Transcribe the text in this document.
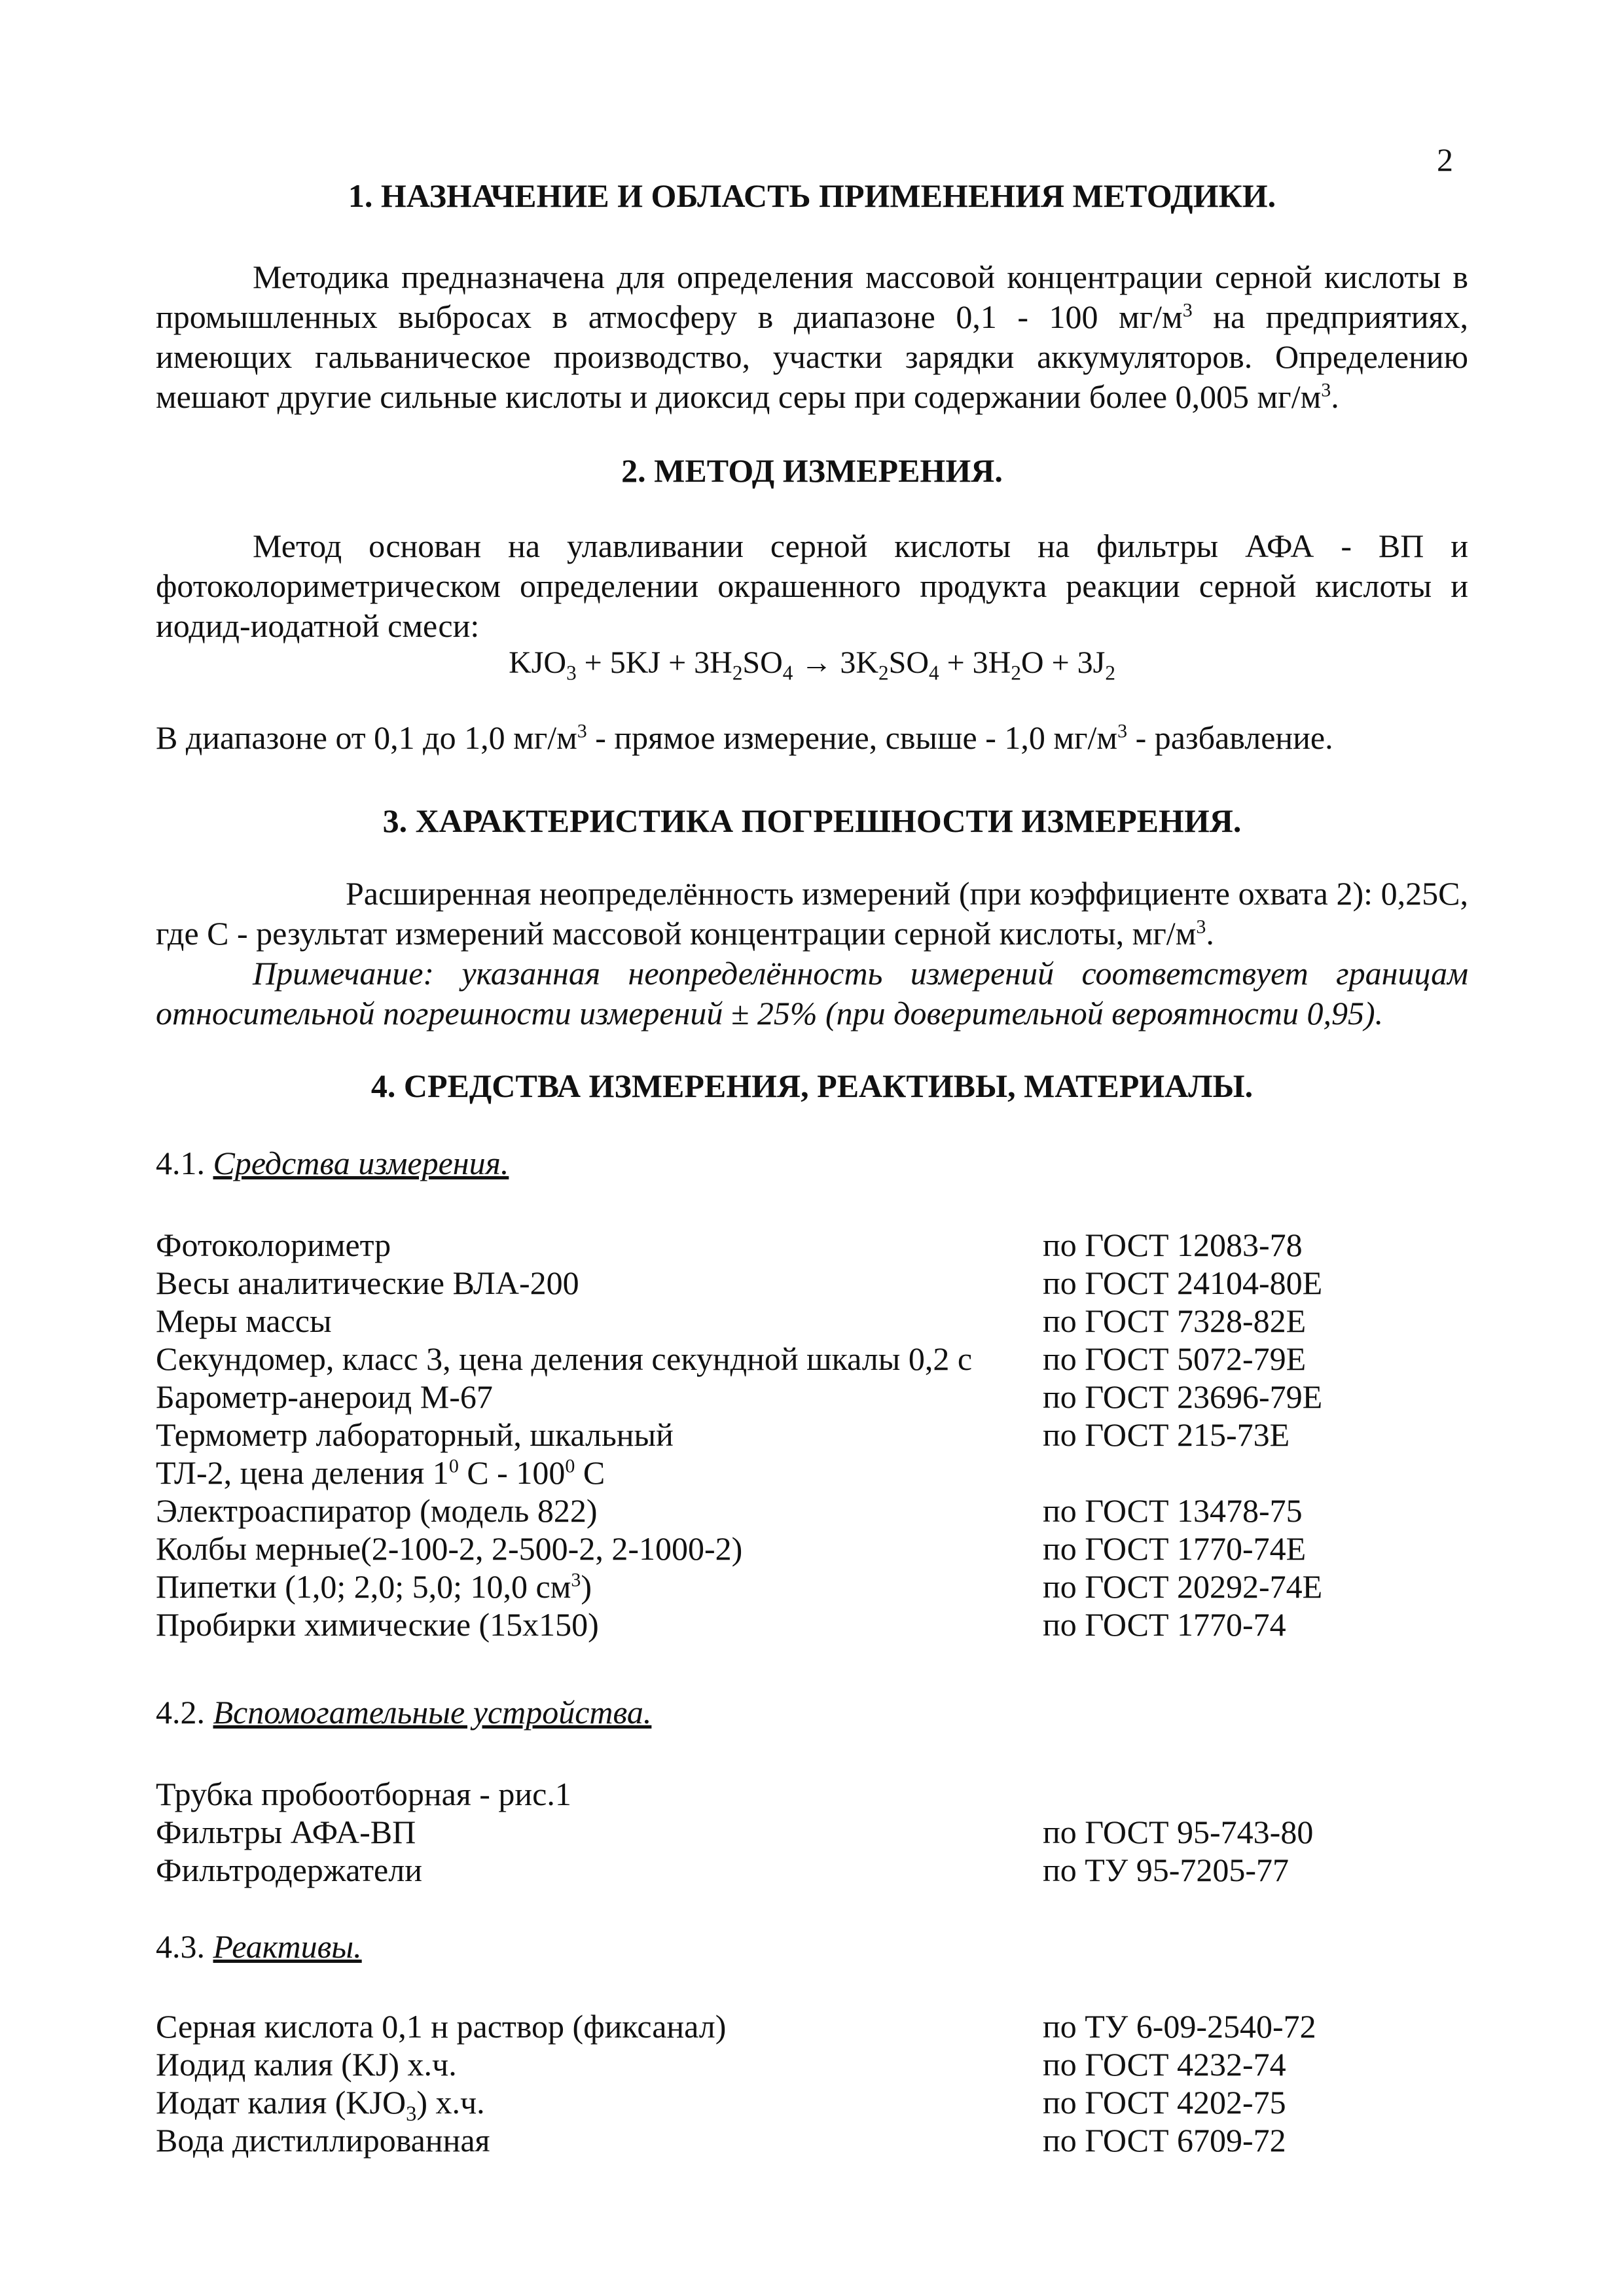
2
1. НАЗНАЧЕНИЕ И ОБЛАСТЬ ПРИМЕНЕНИЯ МЕТОДИКИ.

Методика предназначена для определения массовой концентрации серной кислоты в промышленных выбросах в атмосферу в диапазоне 0,1 - 100 $мг/м^3$ на предприятиях, имеющих гальваническое производство, участки зарядки аккумуляторов. Определению мешают другие сильные кислоты и диоксид серы при содержании более 0,005 $мг/м^3$.

2. МЕТОД ИЗМЕРЕНИЯ.

Метод основан на улавливании серной кислоты на фильтры АФА - ВП и фотоколориметрическом определении окрашенного продукта реакции серной кислоты и иодид-иодатной смеси:

$KJO_3 + 5KJ + 3H_2SO_4 \to 3K_2SO_4 + 3H_2O + 3J_2$
В диапазоне от 0,1 до 1,0 $мг/м^3$ - прямое измерение, свыше - 1,0 $мг/м^3$ - разбавление.
3. ХАРАКТЕРИСТИКА ПОГРЕШНОСТИ ИЗМЕРЕНИЯ.

Расширенная неопределённость измерений (при коэффициенте охвата 2): 0,25С, где С - результат измерений массовой концентрации серной кислоты, $мг/м^3$.

Примечание: указанная неопределённость измерений соответствует границам относительной погрешности измерений ± 25% (при доверительной вероятности 0,95).

4. СРЕДСТВА ИЗМЕРЕНИЯ, РЕАКТИВЫ, МАТЕРИАЛЫ.
4.1. Средства измерения.
Фотоколориметр	по ГОСТ 12083-78
Весы аналитические ВЛА-200	по ГОСТ 24104-80Е
Меры массы	по ГОСТ 7328-82Е
Секундомер, класс 3, цена деления секундной шкалы 0,2 с по ГОСТ 5072-79Е
Барометр-анероид М-67	по ГОСТ 23696-79Е
Термометр лабораторный, шкальный	по ГОСТ 215-73Е
ТЛ-2, цена деления $1^0$ С - $100^0$ С
Электроаспиратор (модель 822)	по ГОСТ 13478-75
Колбы мерные(2-100-2, 2-500-2, 2-1000-2)	по ГОСТ 1770-74Е
Пипетки (1,0; 2,0; 5,0; 10,0 $см^3$)	по ГОСТ 20292-74Е
Пробирки химические (15х150)	по ГОСТ 1770-74
4.2. Вспомогательные устройства.
Трубка пробоотборная - рис.1
Фильтры АФА-ВП	по ГОСТ 95-743-80
Фильтродержатели	по ТУ 95-7205-77
4.3. Реактивы.
Серная кислота 0,1 н раствор (фиксанал)	по ТУ 6-09-2540-72
Иодид калия (KJ) х.ч.	по ГОСТ 4232-74
Иодат калия $(KJO_3)$ х.ч.	по ГОСТ 4202-75
Вода дистиллированная	по ГОСТ 6709-72
